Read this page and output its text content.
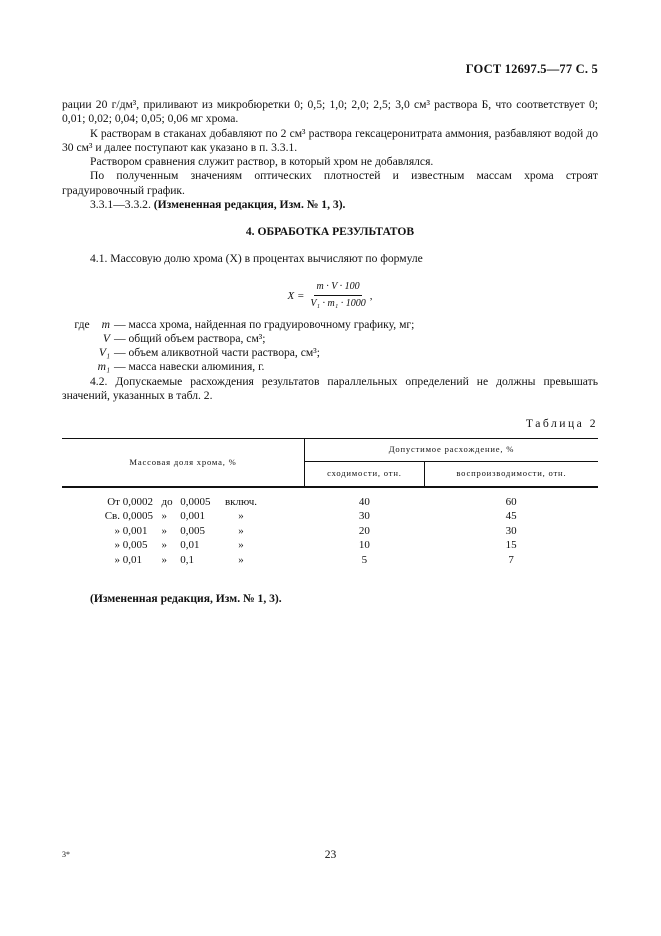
ГОСТ 12697.5—77 С. 5

рации 20 г/дм³, приливают из микробюретки 0; 0,5; 1,0; 2,0; 2,5; 3,0 см³ раствора Б, что соответствует 0; 0,01; 0,02; 0,04; 0,05; 0,06 мг хрома.

К растворам в стаканах добавляют по 2 см³ раствора гексацеронитрата аммония, разбавляют водой до 30 см³ и далее поступают как указано в п. 3.3.1.

Раствором сравнения служит раствор, в который хром не добавлялся.

По полученным значениям оптических плотностей и известным массам хрома строят градуировочный график.

3.3.1—3.3.2. (Измененная редакция, Изм. № 1, 3).

4. ОБРАБОТКА РЕЗУЛЬТАТОВ

4.1. Массовую долю хрома (X) в процентах вычисляют по формуле

$X = \frac{m \cdot V \cdot 100}{\text{V₁ · m₁ · 1000}}$ ,
где m — масса хрома, найденная по градуировочному графику, мг;
V — общий объем раствора, см³;
V₁ — объем аликвотной части раствора, см³;
m₁ — масса навески алюминия, г.

4.2. Допускаемые расхождения результатов параллельных определений не должны превышать значений, указанных в табл. 2.

Таблица 2
Массовая доля хрома, %	Допустимое расхождение, %	
	сходимости, отн.	воспроизводимости, отн.

От 0,0002 до 0,0005 включ.	40	60
Св. 0,0005 » 0,001 »	30	45
» 0,001 » 0,005 »	20	30
» 0,005 » 0,01 »	10	15
» 0,01 » 0,1 »	5	7

(Измененная редакция, Изм. № 1, 3).

3*	23
